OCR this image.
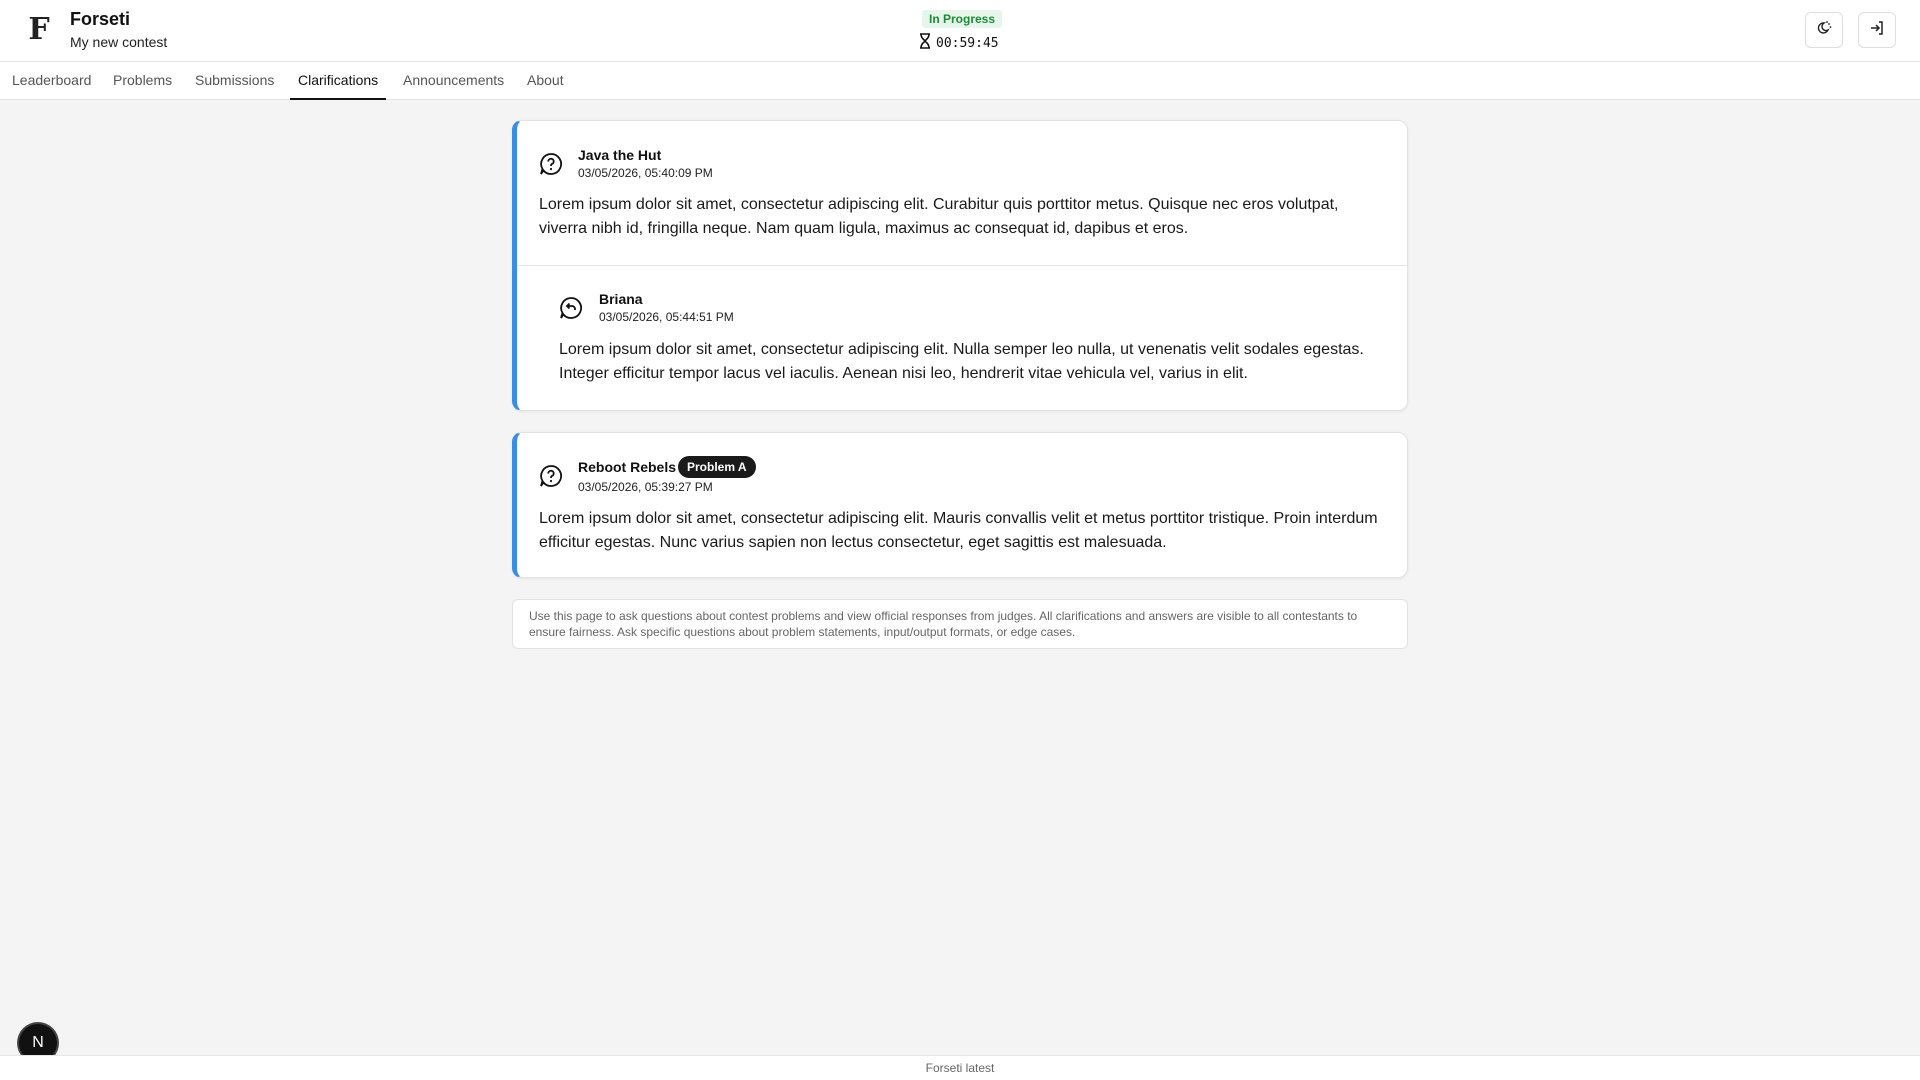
F Forseti
My new contest
In Progress
00:59:45
Leaderboard Problems Submissions	Clarifications	Announcements About
Java the Hut
03/05/2026, 05:40:09 PM
Lorem ipsum dolor sit amet, consectetur adipiscing elit. Curabitur quis porttitor metus. Quisque nec eros volutpat, viverra nibh id, fringilla neque. Nam quam ligula, maximus ac consequat id, dapibus et eros.
Briana
03/05/2026, 05:44:51 PM
Lorem ipsum dolor sit amet, consectetur adipiscing elit. Nulla semper leo nulla, ut venenatis velit sodales egestas. Integer efficitur tempor lacus vel iaculis. Aenean nisi leo, hendrerit vitae vehicula vel, varius in elit.
Reboot Rebels Problem A
03/05/2026, 05:39:27 PM
Lorem ipsum dolor sit amet, consectetur adipiscing elit. Mauris convallis velit et metus porttitor tristique. Proin interdum efficitur egestas. Nunc varius sapien non lectus consectetur, eget sagittis est malesuada.
Use this page to ask questions about contest problems and view official responses from judges. All clarifications and answers are visible to all contestants to ensure fairness. Ask specific questions about problem statements, input/output formats, or edge cases.
N
Forseti latest
